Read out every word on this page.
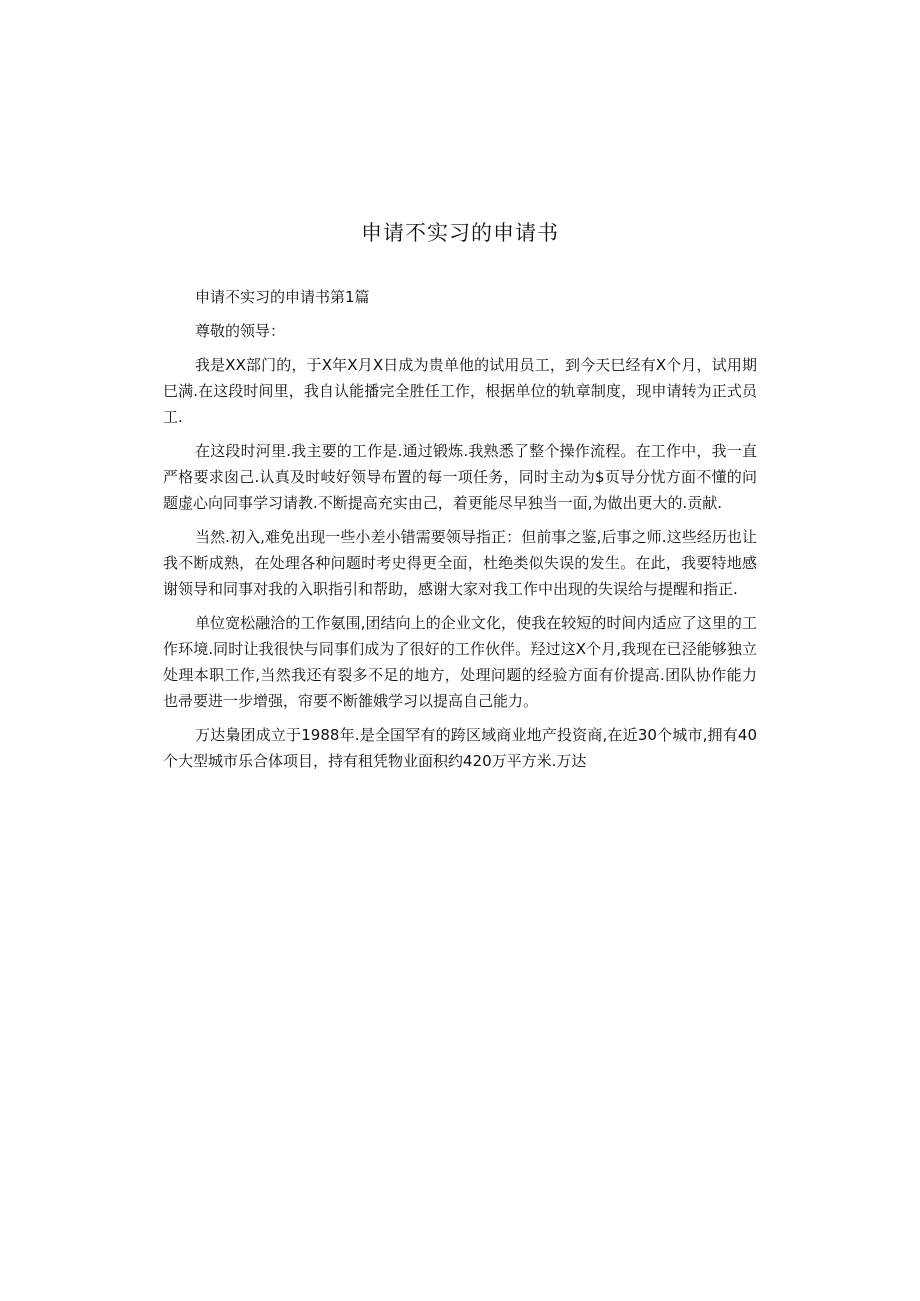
申请不实习的申请书

申请不实习的申请书第1篇

尊敬的领导：

我是XX部门的，于X年X月X日成为贵单他的试用员工，到今天巳经有X个月，试用期巳满.在这段时间里，我自认能播完全胜任工作，根据单位的轨章制度，现申请转为正式员工.

在这段时河里.我主要的工作是.通过锻炼.我熟悉了整个操作流程。在工作中，我一直严格要求囱己.认真及时岐好领导布置的每一项任务，同时主动为$页导分忧方面不懂的问题虚心向同事学习请教.不断提高充实由己，着更能尽早独当一面,为做出更大的.贡献.

当然.初入,难免出现一些小差小错需要领导指正：但前事之鉴,后事之师.这些经历也让我不断成熟，在处理各种问题时考史得更全面，杜绝类似失误的发生。在此，我要特地感谢领导和同事对我的入职指引和帮助，感谢大家对我工作中出现的失误给与提醒和指正.

单位宽松融洽的工作氨围,团结向上的企业文化，使我在较短的时间内适应了这里的工作环境.同时让我很快与同事们成为了很好的工作伙伴。羟过这X个月,我现在已泾能够独立处理本职工作,当然我还有裂多不足的地方，处理问题的经验方面有价提高.团队协作能力也帚要进一步增强，帘要不断雒娥学习以提高自己能力。

万达梟团成立于1988年.是全国罕有的跨区域商业地产投资商,在近30个城市,拥有40个大型城市乐合体项目，持有租凭物业面积约420万平方米.万达
